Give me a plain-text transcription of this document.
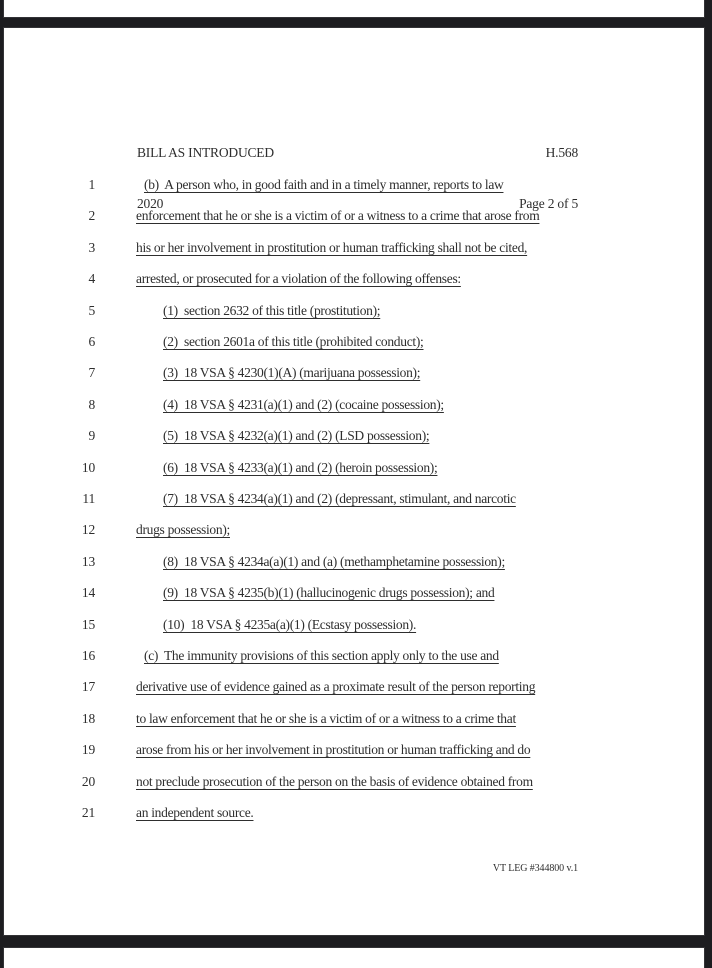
BILL AS INTRODUCED

2020

H.568

Page 2 of 5

1	(b)  A person who, in good faith and in a timely manner, reports to law
2	enforcement that he or she is a victim of or a witness to a crime that arose from
3	his or her involvement in prostitution or human trafficking shall not be cited,
4	arrested, or prosecuted for a violation of the following offenses:
5	(1)  section 2632 of this title (prostitution);
6	(2)  section 2601a of this title (prohibited conduct);
7	(3)  18 VSA § 4230(1)(A) (marijuana possession);
8	(4)  18 VSA § 4231(a)(1) and (2) (cocaine possession);
9	(5)  18 VSA § 4232(a)(1) and (2) (LSD possession);
10	(6)  18 VSA § 4233(a)(1) and (2) (heroin possession);
11	(7)  18 VSA § 4234(a)(1) and (2) (depressant, stimulant, and narcotic
12	drugs possession);
13	(8)  18 VSA § 4234a(a)(1) and (a) (methamphetamine possession);
14	(9)  18 VSA § 4235(b)(1) (hallucinogenic drugs possession); and
15	(10)  18 VSA § 4235a(a)(1) (Ecstasy possession).
16	(c)  The immunity provisions of this section apply only to the use and
17	derivative use of evidence gained as a proximate result of the person reporting
18	to law enforcement that he or she is a victim of or a witness to a crime that
19	arose from his or her involvement in prostitution or human trafficking and do
20	not preclude prosecution of the person on the basis of evidence obtained from
21	an independent source.
VT LEG #344800 v.1
